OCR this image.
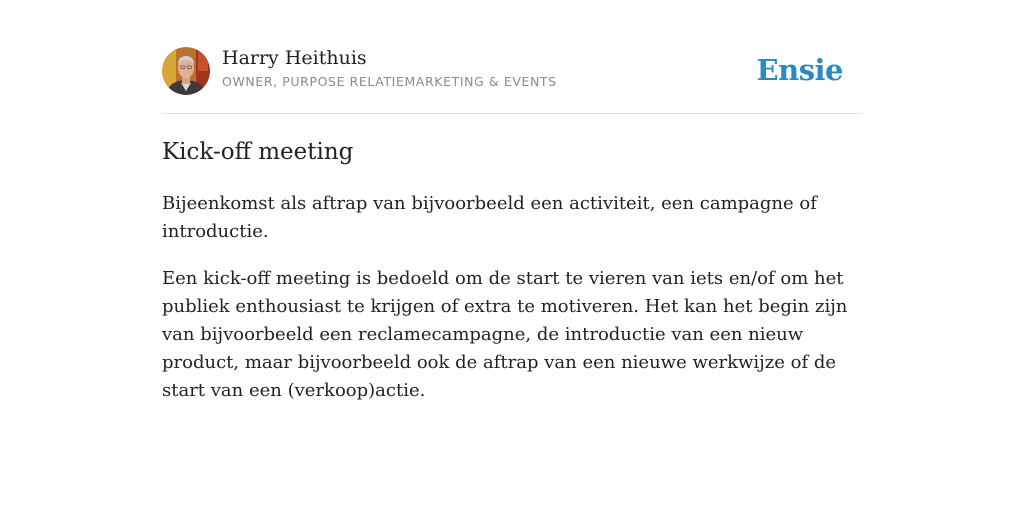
Harry Heithuis
OWNER, PURPOSE RELATIEMARKETING & EVENTS	Ensie
Kick-off meeting

Bijeenkomst als aftrap van bijvoorbeeld een activiteit, een campagne of introductie.

Een kick-off meeting is bedoeld om de start te vieren van iets en/of om het publiek enthousiast te krijgen of extra te motiveren. Het kan het begin zijn van bijvoorbeeld een reclamecampagne, de introductie van een nieuw product, maar bijvoorbeeld ook de aftrap van een nieuwe werkwijze of de start van een (verkoop)actie.
